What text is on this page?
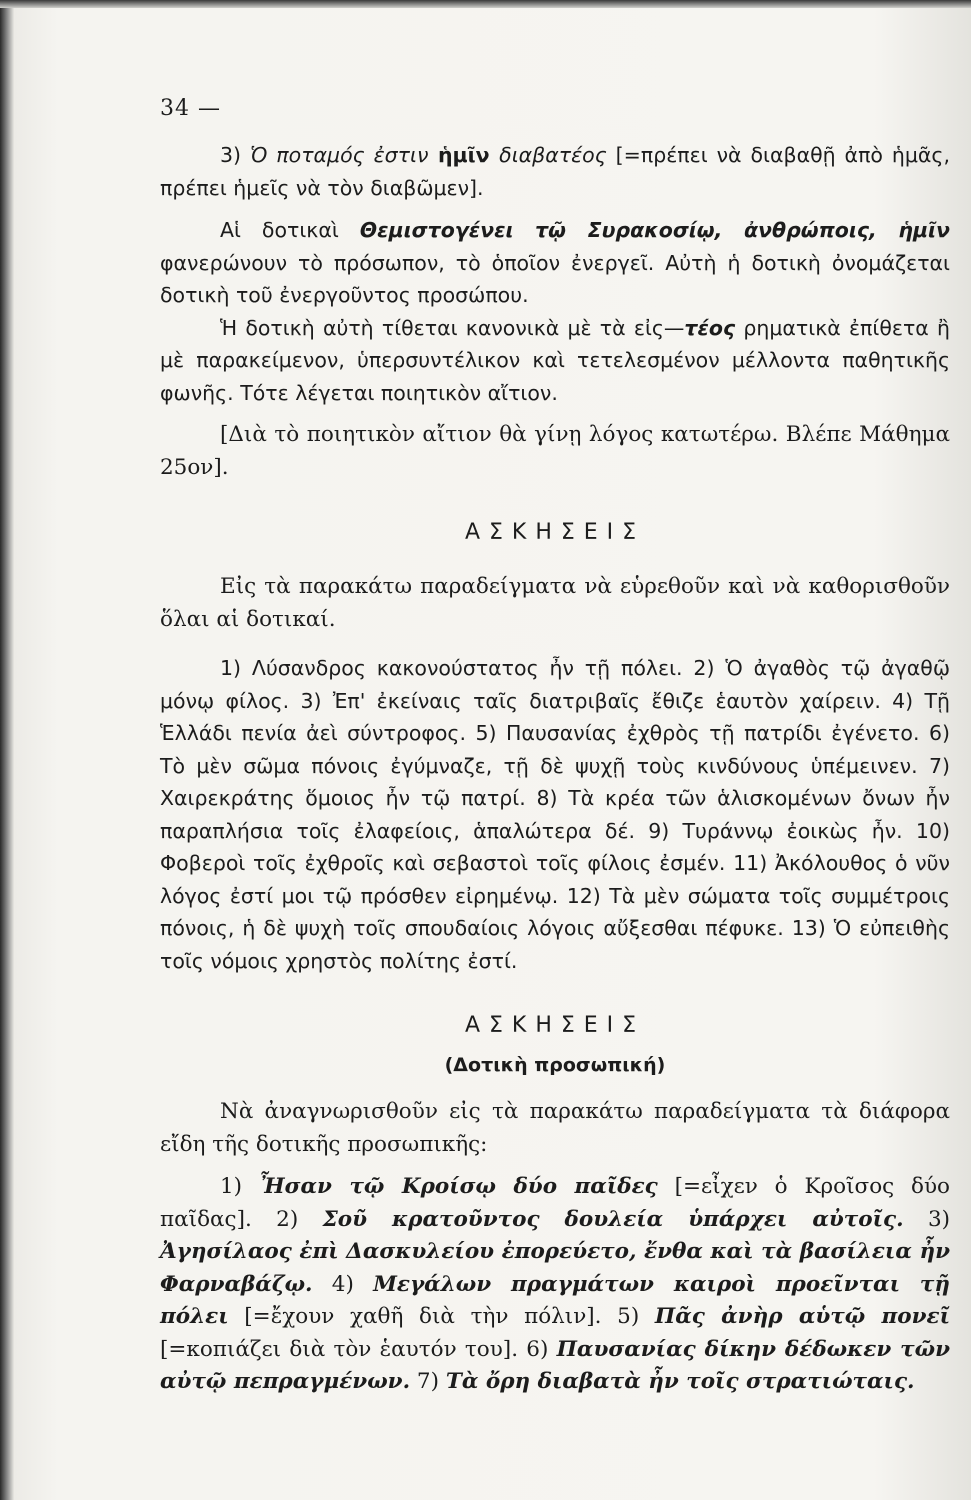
34 —

3) Ὁ ποταμός ἐστιν ἡμῖν διαβατέος [=πρέπει νὰ διαβαθῇ ἀπὸ ἡμᾶς, πρέπει ἡμεῖς νὰ τὸν διαβῶμεν].

Αἱ δοτικαὶ Θεμιστογένει τῷ Συρακοσίῳ, ἀνθρώποις, ἡμῖν φανερώνουν τὸ πρόσωπον, τὸ ὁποῖον ἐνεργεῖ. Αὐτὴ ἡ δοτικὴ ὀνομάζεται δοτικὴ τοῦ ἐνεργοῦντος προσώπου.

Ἡ δοτικὴ αὐτὴ τίθεται κανονικὰ μὲ τὰ εἰς—τέος ρηματικὰ ἐπίθετα ἢ μὲ παρακείμενον, ὑπερσυντέλικον καὶ τετελεσμένον μέλλοντα παθητικῆς φωνῆς. Τότε λέγεται ποιητικὸν αἴτιον.

[Διὰ τὸ ποιητικὸν αἴτιον θὰ γίνῃ λόγος κατωτέρω. Βλέπε Μάθημα 25ον].

ΑΣΚΗΣΕΙΣ

Εἰς τὰ παρακάτω παραδείγματα νὰ εὑρεθοῦν καὶ νὰ καθορισθοῦν ὅλαι αἱ δοτικαί.

1) Λύσανδρος κακονούστατος ἦν τῇ πόλει. 2) Ὁ ἀγαθὸς τῷ ἀγαθῷ μόνῳ φίλος. 3) Ἐπ' ἐκείναις ταῖς διατριβαῖς ἔθιζε ἑαυτὸν χαίρειν. 4) Τῇ Ἑλλάδι πενία ἀεὶ σύντροφος. 5) Παυσανίας ἐχθρὸς τῇ πατρίδι ἐγένετο. 6) Τὸ μὲν σῶμα πόνοις ἐγύμναζε, τῇ δὲ ψυχῇ τοὺς κινδύνους ὑπέμεινεν. 7) Χαιρεκράτης ὅμοιος ἦν τῷ πατρί. 8) Τὰ κρέα τῶν ἁλισκομένων ὄνων ἦν παραπλήσια τοῖς ἐλαφείοις, ἁπαλώτερα δέ. 9) Τυράννῳ ἐοικὼς ἦν. 10) Φοβεροὶ τοῖς ἐχθροῖς καὶ σεβαστοὶ τοῖς φίλοις ἐσμέν. 11) Ἀκόλουθος ὁ νῦν λόγος ἐστί μοι τῷ πρόσθεν εἰρημένῳ. 12) Τὰ μὲν σώματα τοῖς συμμέτροις πόνοις, ἡ δὲ ψυχὴ τοῖς σπουδαίοις λόγοις αὔξεσθαι πέφυκε. 13) Ὁ εὐπειθὴς τοῖς νόμοις χρηστὸς πολίτης ἐστί.

ΑΣΚΗΣΕΙΣ
(Δοτικὴ προσωπική)

Νὰ ἀναγνωρισθοῦν εἰς τὰ παρακάτω παραδείγματα τὰ διάφορα εἴδη τῆς δοτικῆς προσωπικῆς:

1) Ἦσαν τῷ Κροίσῳ δύο παῖδες [=εἶχεν ὁ Κροῖσος δύο παῖδας]. 2) Σοῦ κρατοῦντος δουλεία ὑπάρχει αὐτοῖς. 3) Ἀγησίλαος ἐπὶ Δασκυλείου ἐπορεύετο, ἔνθα καὶ τὰ βασίλεια ἦν Φαρναβάζῳ. 4) Μεγάλων πραγμάτων καιροὶ προεῖνται τῇ πόλει [=ἔχουν χαθῆ διὰ τὴν πόλιν]. 5) Πᾶς ἀνὴρ αὑτῷ πονεῖ [=κοπιάζει διὰ τὸν ἑαυτόν του]. 6) Παυσανίας δίκην δέδωκεν τῶν αὐτῷ πεπραγμένων. 7) Τὰ ὄρη διαβατὰ ἦν τοῖς στρατιώταις.
